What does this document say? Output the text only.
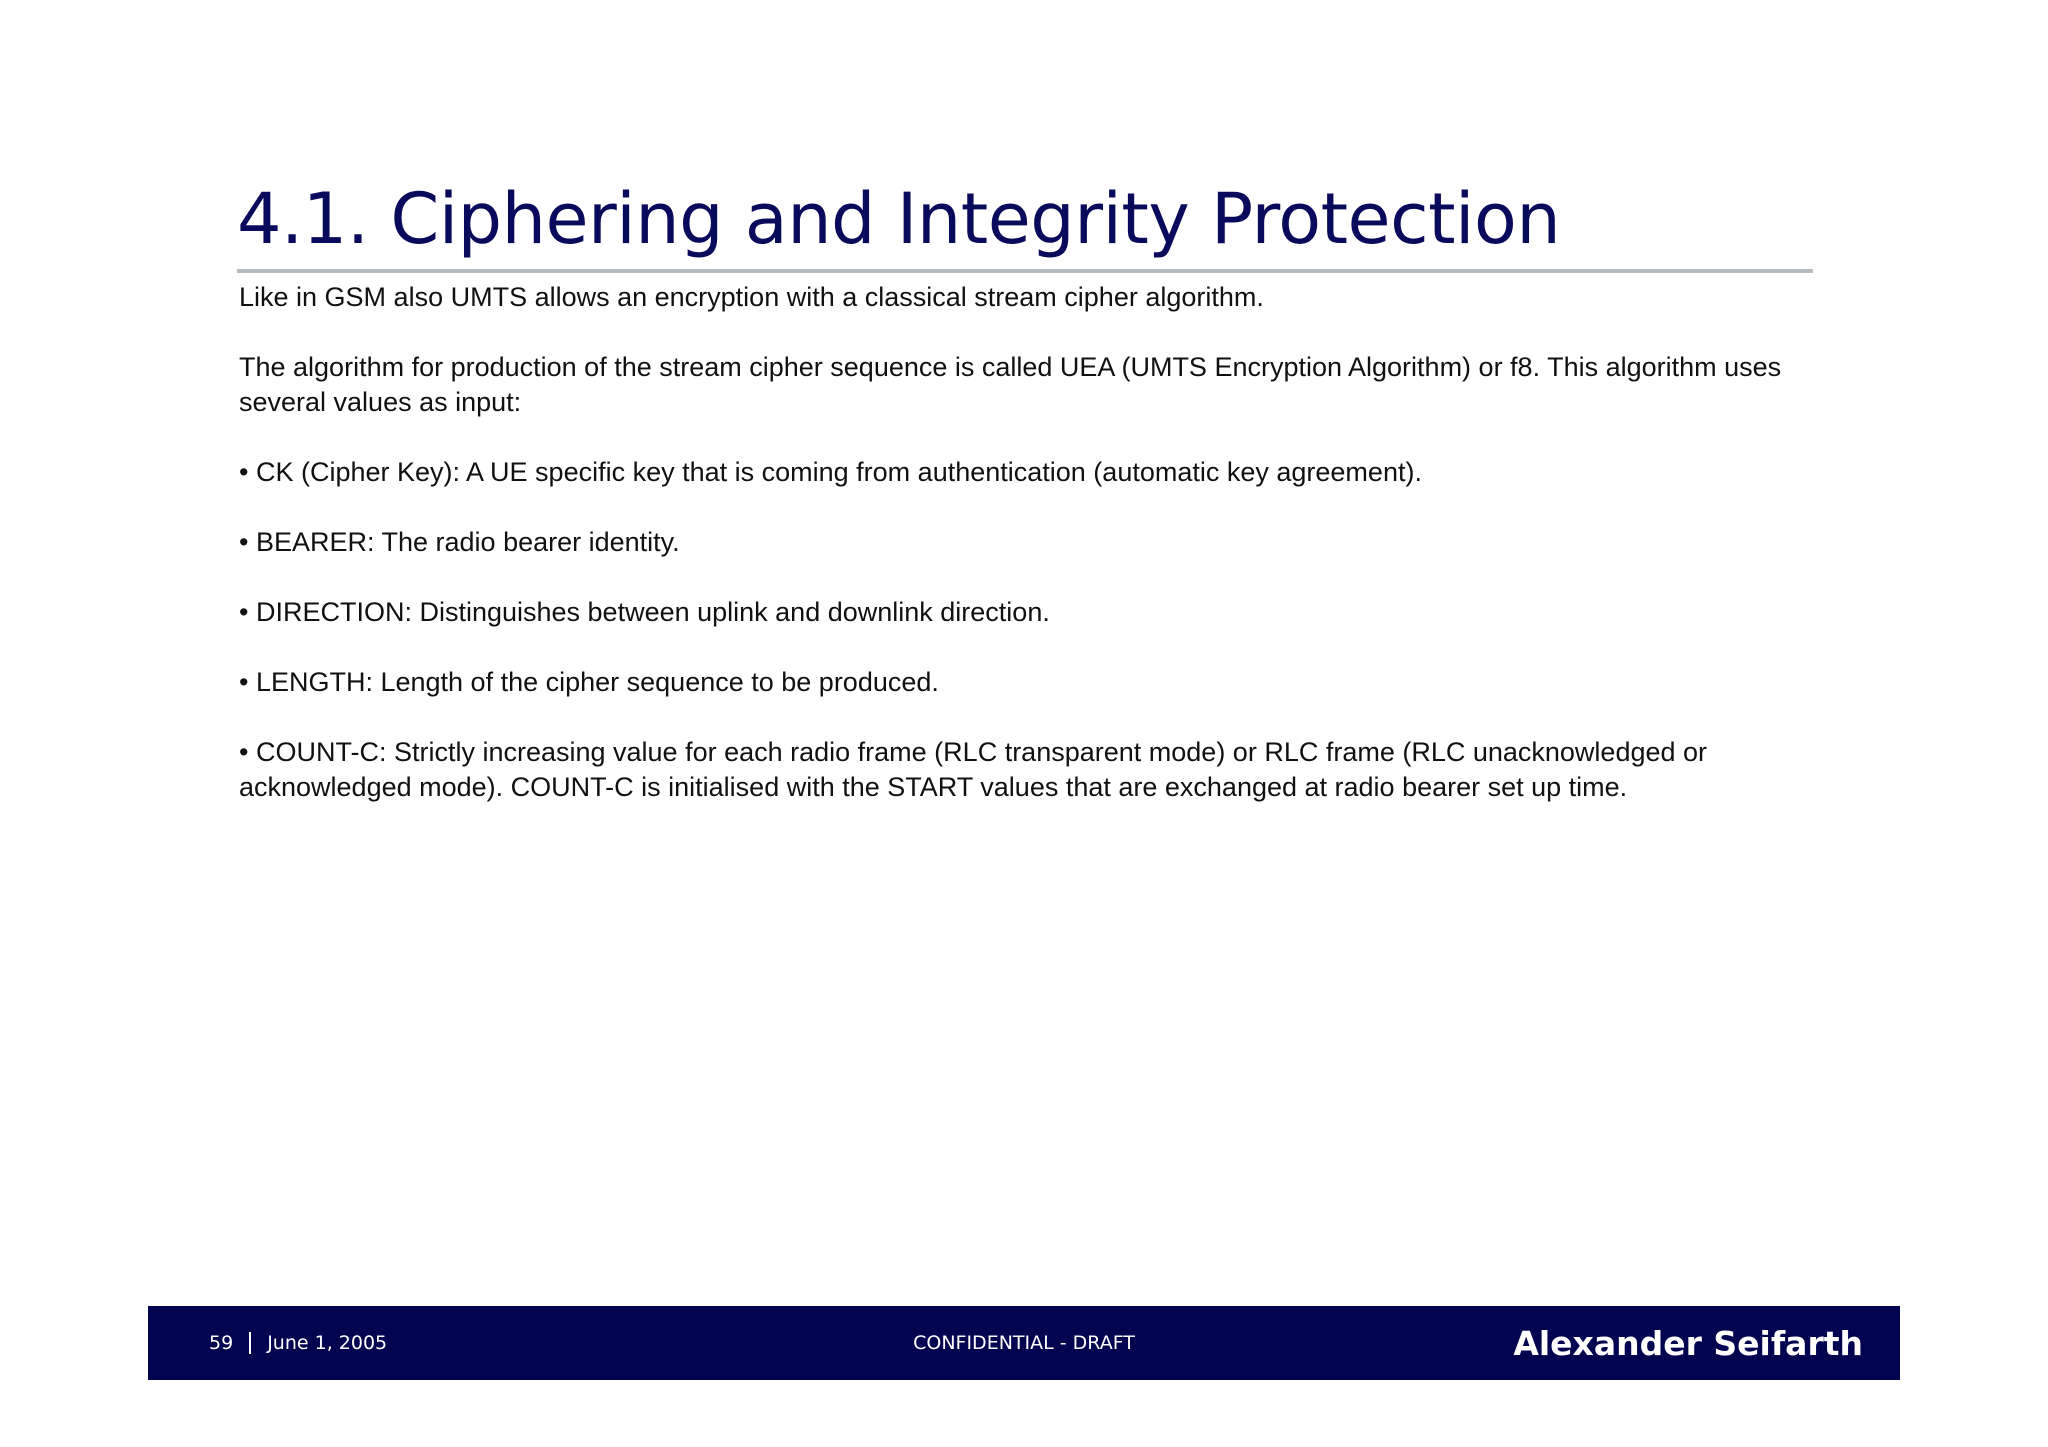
4.1. Ciphering and Integrity Protection

Like in GSM also UMTS allows an encryption with a classical stream cipher algorithm.

The algorithm for production of the stream cipher sequence is called UEA (UMTS Encryption Algorithm) or f8. This algorithm uses several values as input:

• CK (Cipher Key): A UE specific key that is coming from authentication (automatic key agreement).

• BEARER: The radio bearer identity.

• DIRECTION: Distinguishes between uplink and downlink direction.

• LENGTH: Length of the cipher sequence to be produced.

• COUNT-C: Strictly increasing value for each radio frame (RLC transparent mode) or RLC frame (RLC unacknowledged or acknowledged mode). COUNT-C is initialised with the START values that are exchanged at radio bearer set up time.

59 June 1, 2005	CONFIDENTIAL - DRAFT	Alexander Seifarth
